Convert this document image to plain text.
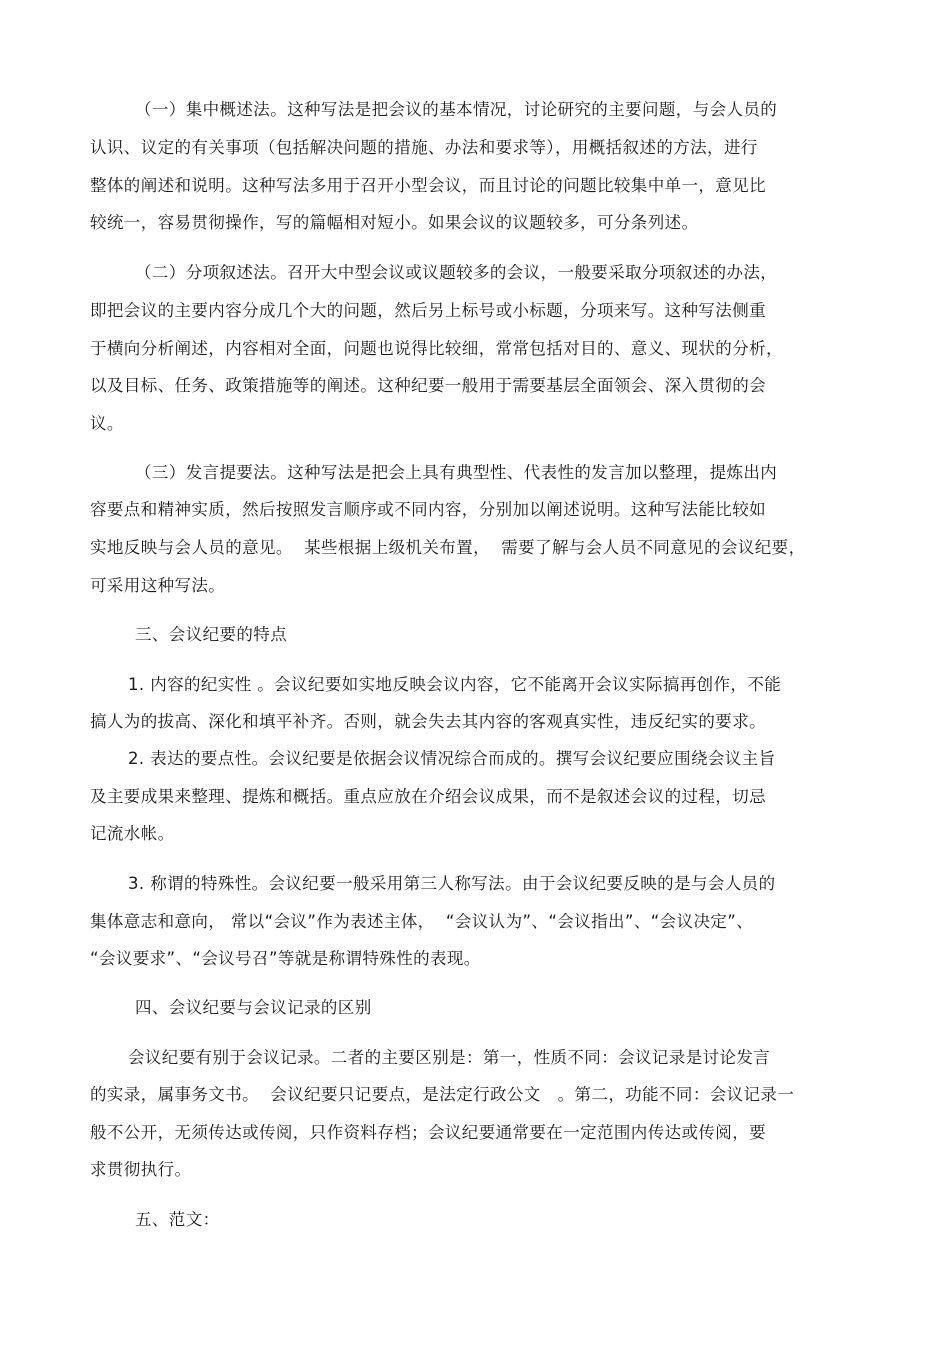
（一）集中概述法。这种写法是把会议的基本情况，讨论研究的主要问题，与会人员的
认识、议定的有关事项（包括解决问题的措施、办法和要求等），用概括叙述的方法，进行
整体的阐述和说明。这种写法多用于召开小型会议，而且讨论的问题比较集中单一，意见比
较统一，容易贯彻操作，写的篇幅相对短小。如果会议的议题较多，可分条列述。
（二）分项叙述法。召开大中型会议或议题较多的会议，一般要采取分项叙述的办法，
即把会议的主要内容分成几个大的问题，然后另上标号或小标题，分项来写。这种写法侧重
于横向分析阐述，内容相对全面，问题也说得比较细，常常包括对目的、意义、现状的分析，
以及目标、任务、政策措施等的阐述。这种纪要一般用于需要基层全面领会、深入贯彻的会
议。
（三）发言提要法。这种写法是把会上具有典型性、代表性的发言加以整理，提炼出内
容要点和精神实质，然后按照发言顺序或不同内容，分别加以阐述说明。这种写法能比较如
实地反映与会人员的意见。  某些根据上级机关布置，  需要了解与会人员不同意见的会议纪要，
可采用这种写法。
三、会议纪要的特点
1. 内容的纪实性 。会议纪要如实地反映会议内容，它不能离开会议实际搞再创作，不能
搞人为的拔高、深化和填平补齐。否则，就会失去其内容的客观真实性，违反纪实的要求。
2. 表达的要点性。会议纪要是依据会议情况综合而成的。撰写会议纪要应围绕会议主旨
及主要成果来整理、提炼和概括。重点应放在介绍会议成果，而不是叙述会议的过程，切忌
记流水帐。
3. 称谓的特殊性。会议纪要一般采用第三人称写法。由于会议纪要反映的是与会人员的
集体意志和意向， 常以“会议”作为表述主体，  “会议认为”、“会议指出”、“会议决定”、
“会议要求”、“会议号召”等就是称谓特殊性的表现。
四、会议纪要与会议记录的区别
会议纪要有别于会议记录。二者的主要区别是：第一，性质不同：会议记录是讨论发言
的实录，属事务文书。  会议纪要只记要点，是法定行政公文   。第二，功能不同：会议记录一
般不公开，无须传达或传阅，只作资料存档；会议纪要通常要在一定范围内传达或传阅，要
求贯彻执行。
五、范文：
